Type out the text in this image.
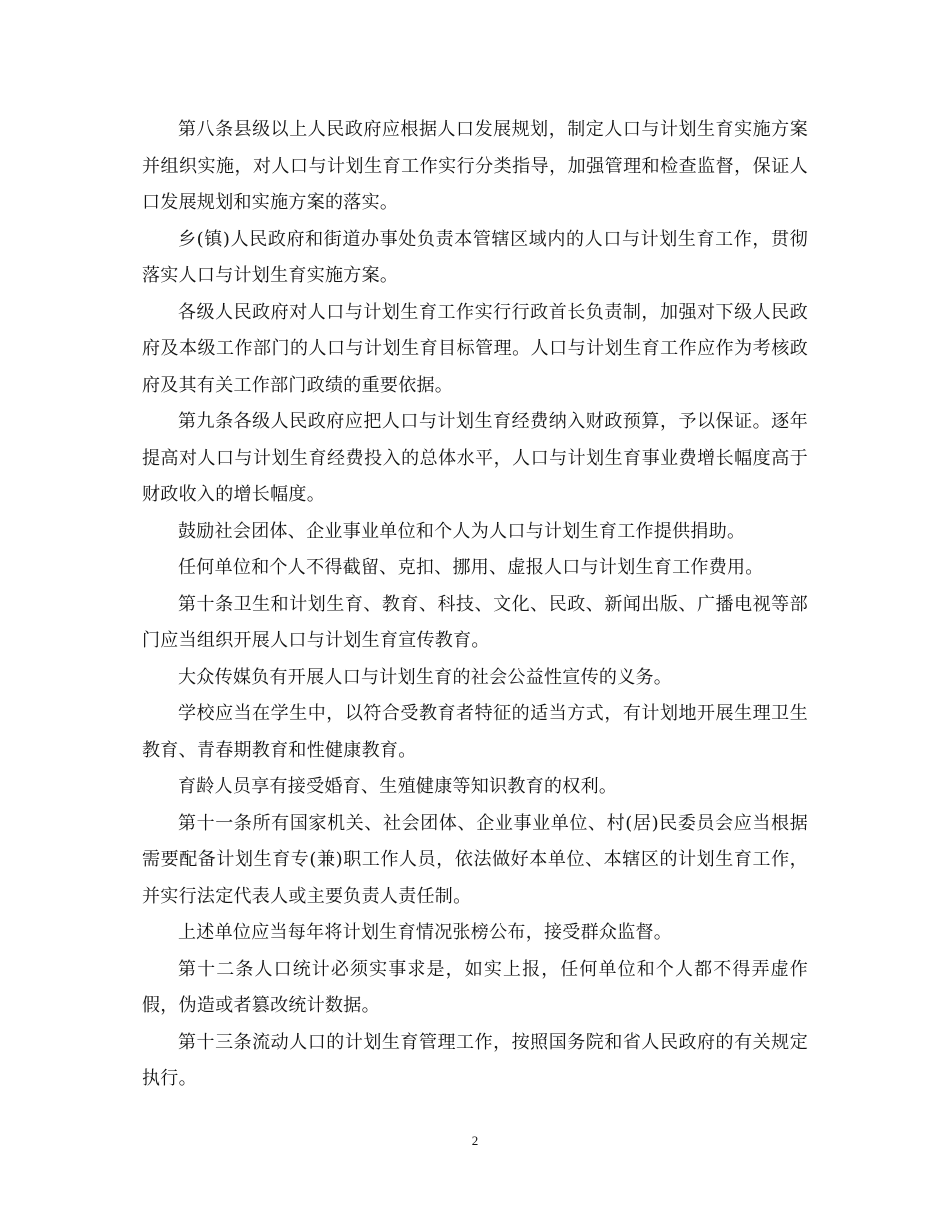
第八条县级以上人民政府应根据人口发展规划，制定人口与计划生育实施方案并组织实施，对人口与计划生育工作实行分类指导，加强管理和检查监督，保证人口发展规划和实施方案的落实。

乡(镇)人民政府和街道办事处负责本管辖区域内的人口与计划生育工作，贯彻落实人口与计划生育实施方案。

各级人民政府对人口与计划生育工作实行行政首长负责制，加强对下级人民政府及本级工作部门的人口与计划生育目标管理。人口与计划生育工作应作为考核政府及其有关工作部门政绩的重要依据。

第九条各级人民政府应把人口与计划生育经费纳入财政预算，予以保证。逐年提高对人口与计划生育经费投入的总体水平，人口与计划生育事业费增长幅度高于财政收入的增长幅度。

鼓励社会团体、企业事业单位和个人为人口与计划生育工作提供捐助。

任何单位和个人不得截留、克扣、挪用、虚报人口与计划生育工作费用。

第十条卫生和计划生育、教育、科技、文化、民政、新闻出版、广播电视等部门应当组织开展人口与计划生育宣传教育。

大众传媒负有开展人口与计划生育的社会公益性宣传的义务。

学校应当在学生中，以符合受教育者特征的适当方式，有计划地开展生理卫生教育、青春期教育和性健康教育。

育龄人员享有接受婚育、生殖健康等知识教育的权利。

第十一条所有国家机关、社会团体、企业事业单位、村(居)民委员会应当根据需要配备计划生育专(兼)职工作人员，依法做好本单位、本辖区的计划生育工作，并实行法定代表人或主要负责人责任制。

上述单位应当每年将计划生育情况张榜公布，接受群众监督。

第十二条人口统计必须实事求是，如实上报，任何单位和个人都不得弄虚作假，伪造或者篡改统计数据。

第十三条流动人口的计划生育管理工作，按照国务院和省人民政府的有关规定执行。

2
